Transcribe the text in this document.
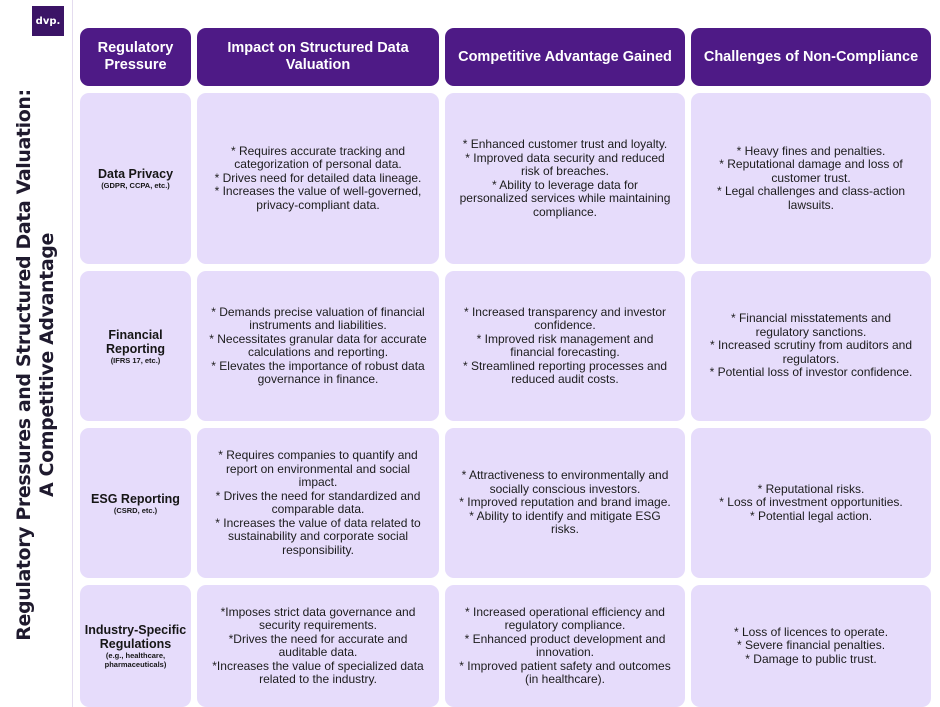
dvp.
Regulatory Pressures and Structured Data Valuation: A Competitive Advantage
Regulatory Pressure
Impact on Structured Data Valuation
Competitive Advantage Gained	Challenges of Non-Compliance
Data Privacy
(GDPR, CCPA, etc.)
* Requires accurate tracking and categorization of personal data.
* Drives need for detailed data lineage.
* Increases the value of well-governed, privacy-compliant data.
* Enhanced customer trust and loyalty.
* Improved data security and reduced risk of breaches.
* Ability to leverage data for personalized services while maintaining compliance.
* Heavy fines and penalties.
* Reputational damage and loss of customer trust.
* Legal challenges and class-action lawsuits.
Financial Reporting
(IFRS 17, etc.)
* Demands precise valuation of financial instruments and liabilities.
* Necessitates granular data for accurate calculations and reporting.
* Elevates the importance of robust data governance in finance.
* Increased transparency and investor confidence.
* Improved risk management and financial forecasting.
* Streamlined reporting processes and reduced audit costs.
* Financial misstatements and regulatory sanctions.
* Increased scrutiny from auditors and regulators.
* Potential loss of investor confidence.
ESG Reporting
(CSRD, etc.)
* Requires companies to quantify and report on environmental and social impact.
* Drives the need for standardized and comparable data.
* Increases the value of data related to sustainability and corporate social responsibility.
* Attractiveness to environmentally and socially conscious investors.
* Improved reputation and brand image.
* Ability to identify and mitigate ESG risks.
* Reputational risks.
* Loss of investment opportunities.
* Potential legal action.
Industry-Specific Regulations
(e.g., healthcare, pharmaceuticals)
*Imposes strict data governance and security requirements.
*Drives the need for accurate and auditable data.
*Increases the value of specialized data related to the industry.
* Increased operational efficiency and regulatory compliance.
* Enhanced product development and innovation.
* Improved patient safety and outcomes (in healthcare).
* Loss of licences to operate.
* Severe financial penalties.
* Damage to public trust.
